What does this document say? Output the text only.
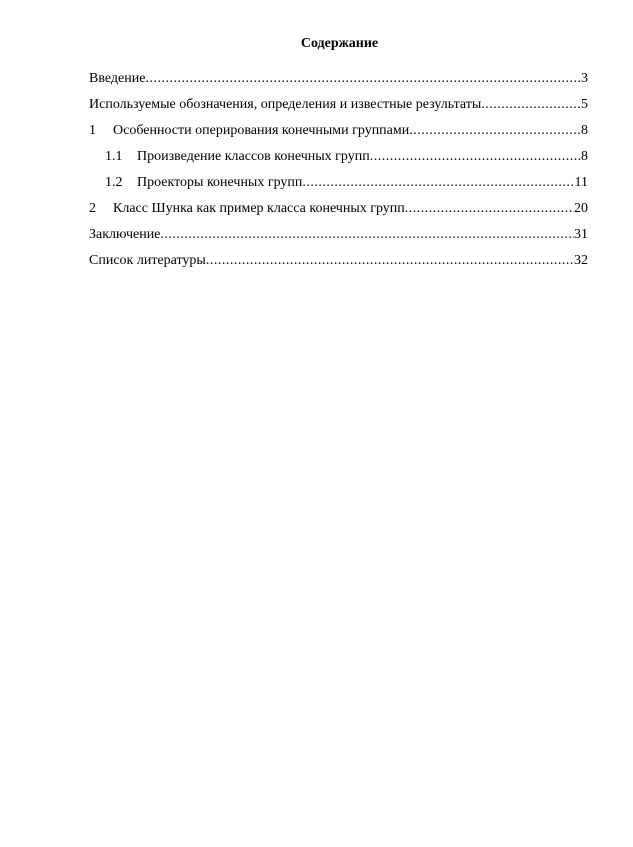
Содержание
Введение .....	3
Используемые обозначения, определения и известные результаты .....	5
1	Особенности оперирования конечными группами .....	8
1.1	Произведение классов конечных групп .....	8
1.2	Проекторы конечных групп .....	11
2	Класс Шунка как пример класса конечных групп .....	20
Заключение .....	31
Список литературы .....	32
